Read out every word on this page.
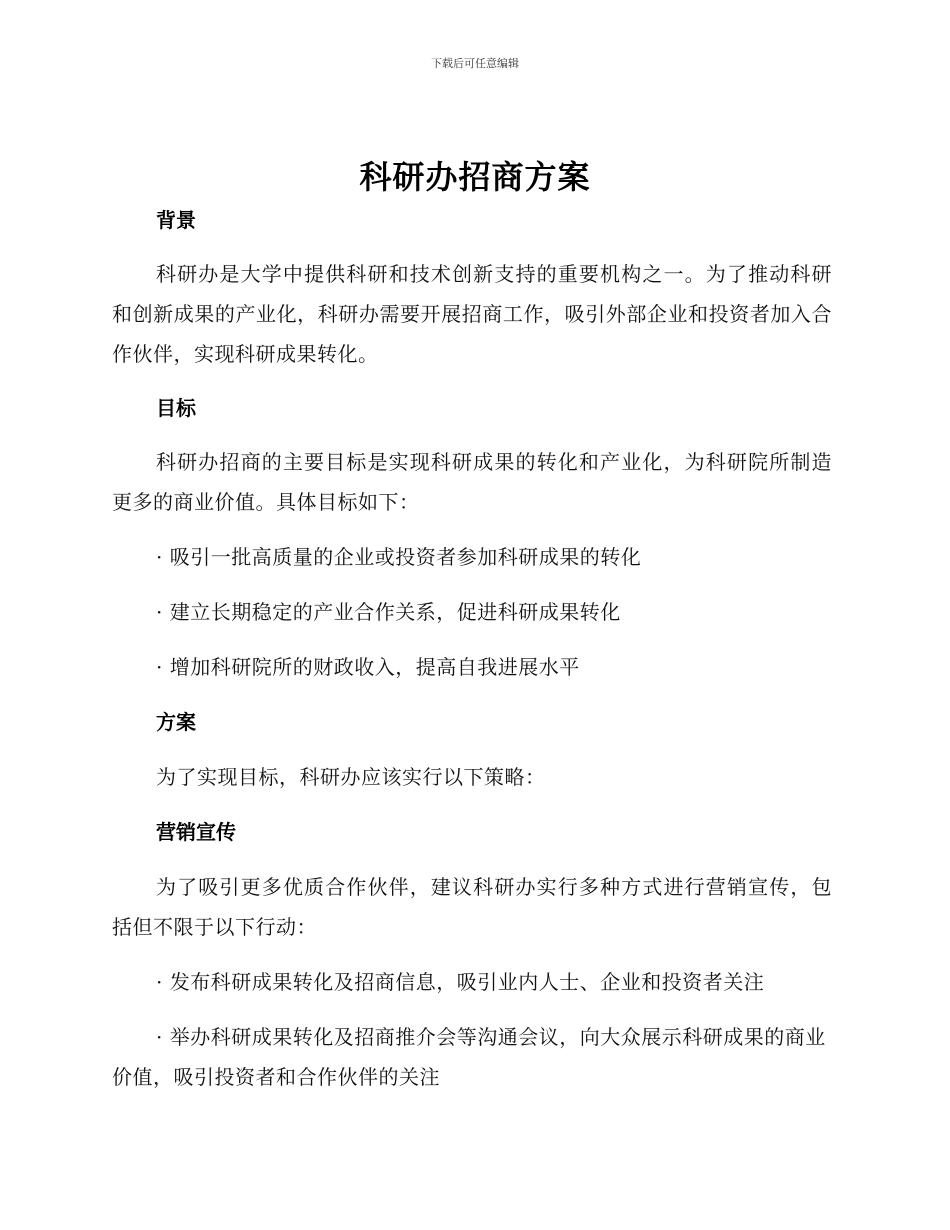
下载后可任意编辑
科研办招商方案
背景

科研办是大学中提供科研和技术创新支持的重要机构之一。为了推动科研和创新成果的产业化，科研办需要开展招商工作，吸引外部企业和投资者加入合作伙伴，实现科研成果转化。

目标

科研办招商的主要目标是实现科研成果的转化和产业化，为科研院所制造更多的商业价值。具体目标如下：

· 吸引一批高质量的企业或投资者参加科研成果的转化

· 建立长期稳定的产业合作关系，促进科研成果转化

· 增加科研院所的财政收入，提高自我进展水平

方案

为了实现目标，科研办应该实行以下策略：

营销宣传

为了吸引更多优质合作伙伴，建议科研办实行多种方式进行营销宣传，包括但不限于以下行动：

· 发布科研成果转化及招商信息，吸引业内人士、企业和投资者关注

· 举办科研成果转化及招商推介会等沟通会议，向大众展示科研成果的商业价值，吸引投资者和合作伙伴的关注
